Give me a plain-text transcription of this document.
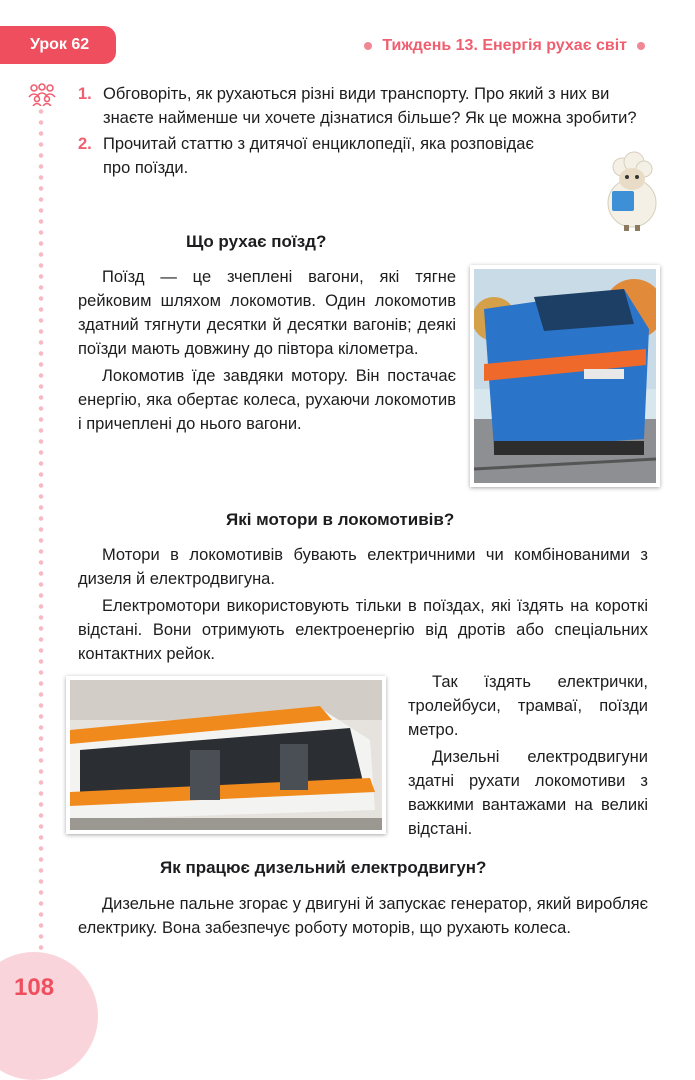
Урок 62	Тиждень 13. Енергія рухає світ
1. Обговоріть, як рухаються різні види транспорту. Про який з них ви знаєте найменше чи хочете дізнатися більше? Як це можна зробити?
2. Прочитай статтю з дитячої енциклопедії, яка розповідає про поїзди.
Що рухає поїзд?

Поїзд — це зчеплені вагони, які тягне рейковим шляхом локомотив. Один локомотив здатний тягнути десятки й десятки вагонів; деякі поїзди мають довжину до півтора кілометра.

Локомотив їде завдяки мотору. Він постачає енергію, яка обертає колеса, рухаючи локомотив і причеплені до нього вагони.

Які мотори в локомотивів?

Мотори в локомотивів бувають електричними чи комбінованими з дизеля й електродвигуна.

Електромотори використовують тільки в поїздах, які їздять на короткі відстані. Вони отримують електроенергію від дротів або спеціальних контактних рейок.

Так їздять електрички, тролейбуси, трамваї, поїзди метро.

Дизельні електродвигуни здатні рухати локомотиви з важкими вантажами на великі відстані.

Як працює дизельний електродвигун?

Дизельне пальне згорає у двигуні й запускає генератор, який виробляє електрику. Вона забезпечує роботу моторів, що рухають колеса.

108
